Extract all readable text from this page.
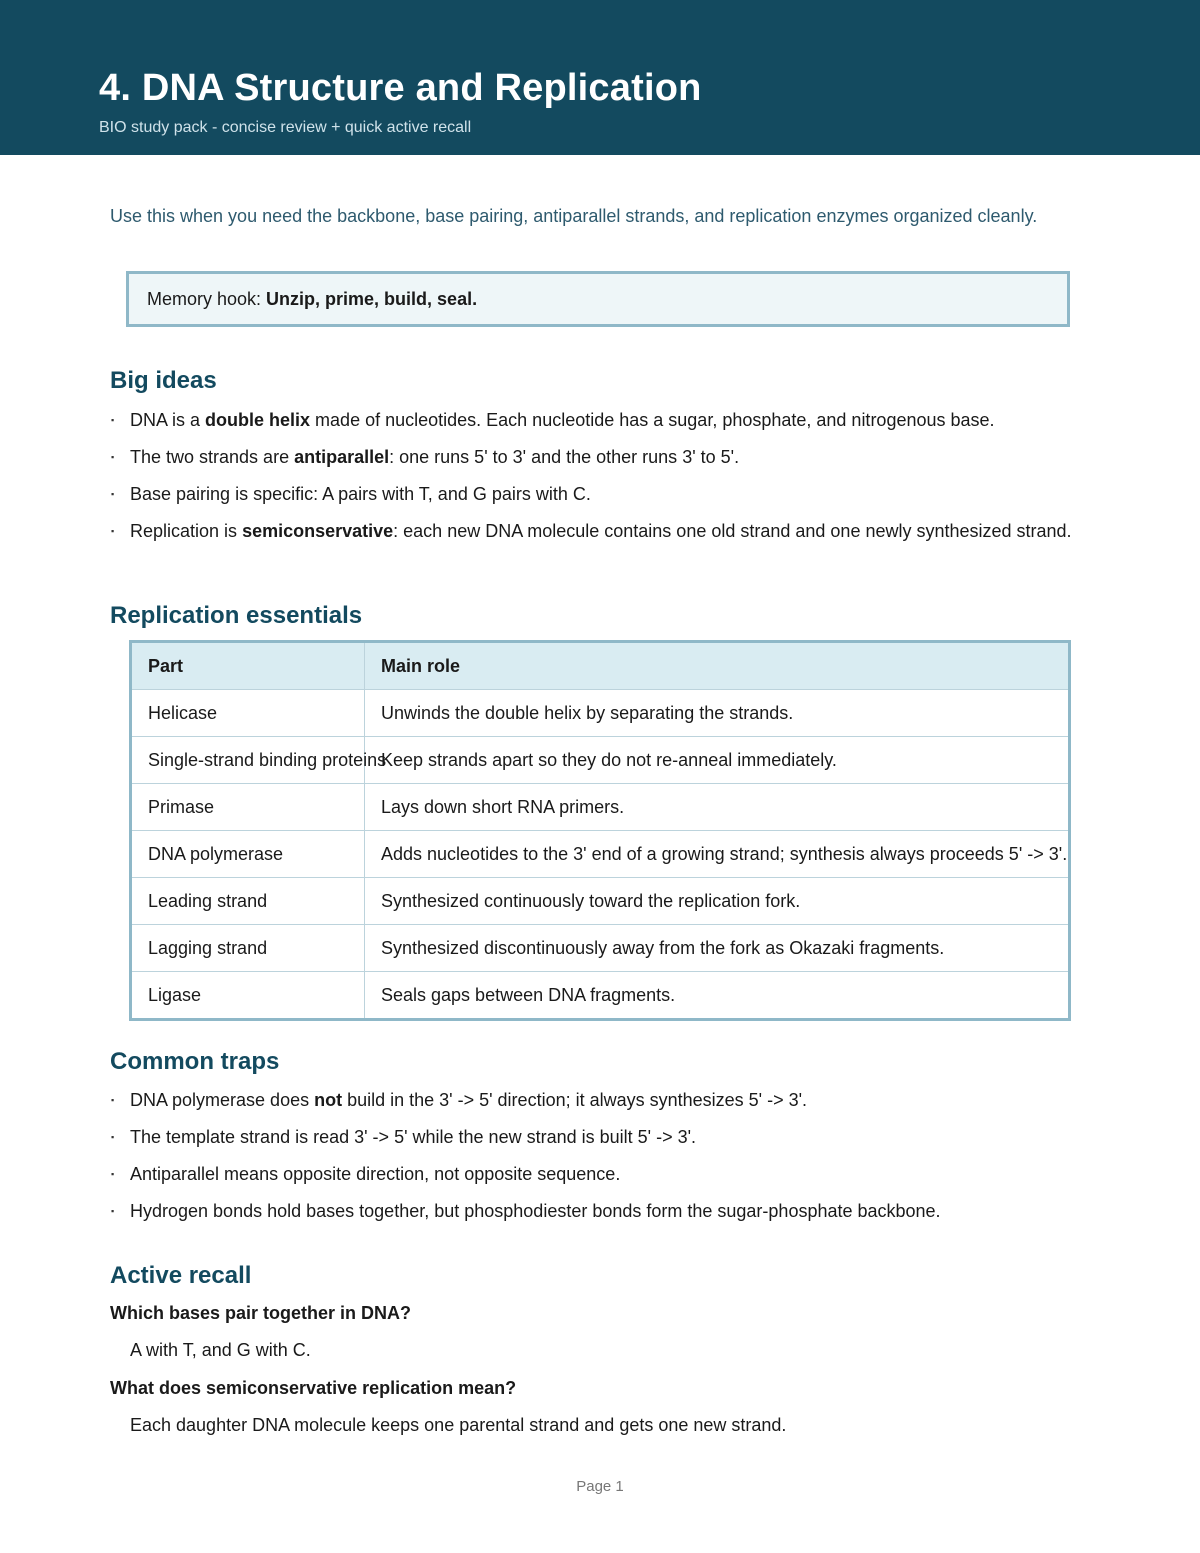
4. DNA Structure and Replication
BIO study pack - concise review + quick active recall
Use this when you need the backbone, base pairing, antiparallel strands, and replication enzymes organized cleanly.
Memory hook: Unzip, prime, build, seal.
Big ideas
▪ DNA is a double helix made of nucleotides. Each nucleotide has a sugar, phosphate, and nitrogenous base.
▪ The two strands are antiparallel: one runs 5' to 3' and the other runs 3' to 5'.
▪ Base pairing is specific: A pairs with T, and G pairs with C.
▪ Replication is semiconservative: each new DNA molecule contains one old strand and one newly synthesized strand.
Replication essentials
Part	Main role
Helicase	Unwinds the double helix by separating the strands.
Single-strand binding proteins	Keep strands apart so they do not re-anneal immediately.
Primase	Lays down short RNA primers.
DNA polymerase	Adds nucleotides to the 3' end of a growing strand; synthesis always proceeds 5' -> 3'.
Leading strand	Synthesized continuously toward the replication fork.
Lagging strand	Synthesized discontinuously away from the fork as Okazaki fragments.
Ligase	Seals gaps between DNA fragments.
Common traps
▪ DNA polymerase does not build in the 3' -> 5' direction; it always synthesizes 5' -> 3'.
▪ The template strand is read 3' -> 5' while the new strand is built 5' -> 3'.
▪ Antiparallel means opposite direction, not opposite sequence.
▪ Hydrogen bonds hold bases together, but phosphodiester bonds form the sugar-phosphate backbone.
Active recall
Which bases pair together in DNA?
A with T, and G with C.
What does semiconservative replication mean?
Each daughter DNA molecule keeps one parental strand and gets one new strand.
Page 1
